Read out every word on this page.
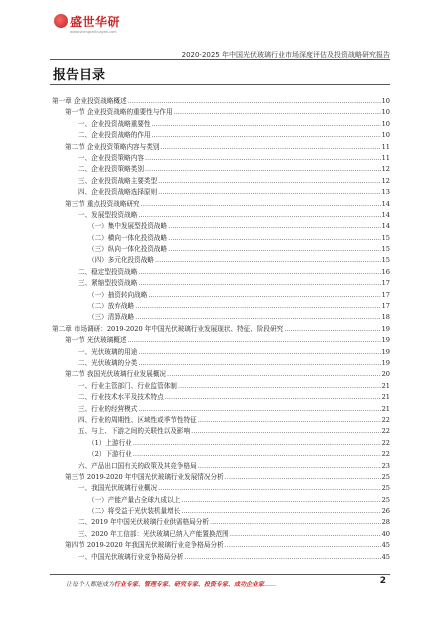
盛世华研
www.shengshihuayan.com
2020-2025 年中国光伏玻璃行业市场深度评估及投资战略研究报告
报告目录
第一章 企业投资战略概述 .....	10
第一节 企业投资战略的重要性与作用 .....	10
一、企业投资战略重要性 .....	10
二、企业投资战略的作用 .....	10
第二节 企业投资策略内容与类别 .....	11
一、企业投资策略内容 .....	11
二、企业投资策略类别 .....	12
三、企业投资战略主要类型 .....	12
四、企业投资战略选择原则 .....	13
第三节 重点投资战略研究 .....	14
一、发展型投资战略 .....	14
（一）集中发展型投资战略 .....	14
（二）横向一体化投资战略 .....	15
（三）纵向一体化投资战略 .....	15
（四）多元化投资战略 .....	15
二、稳定型投资战略 .....	16
三、紧缩型投资战略 .....	17
（一）抽资转向战略 .....	17
（二）放弃战略 .....	17
（三）清算战略 .....	18
第二章 市场调研：2019-2020 年中国光伏玻璃行业发展现状、特征、阶段研究 .....	19
第一节 光伏玻璃概述 .....	19
一、光伏玻璃的用途 .....	19
二、光伏玻璃的分类 .....	19
第二节 我国光伏玻璃行业发展概况 .....	20
一、行业主管部门、行业监管体制 .....	21
二、行业技术水平及技术特点 .....	21
三、行业的经营模式 .....	21
四、行业的周期性、区域性或季节性特征 .....	22
五、与上、下游之间的关联性以及影响 .....	22
（1）上游行业 .....	22
（2）下游行业 .....	22
六、产品出口国有关的政策及其竞争格局 .....	23
第三节 2019-2020 年中国光伏玻璃行业发展情况分析 .....	25
一、我国光伏玻璃行业概况 .....	25
（一）产能产量占全球九成以上 .....	25
（二）将受益于光伏装机量增长 .....	26
二、2019 年中国光伏玻璃行业供需格局分析 .....	28
三、2020 年工信部：光伏玻璃已纳入产能置换范围 .....	40
第四节 2019-2020 年我国光伏玻璃行业竞争格局分析 .....	45
一、中国光伏玻璃行业竞争格局分析 .....	45
让每个人都能成为行业专家、管理专家、研究专家、投资专家、成功企业家……	2
